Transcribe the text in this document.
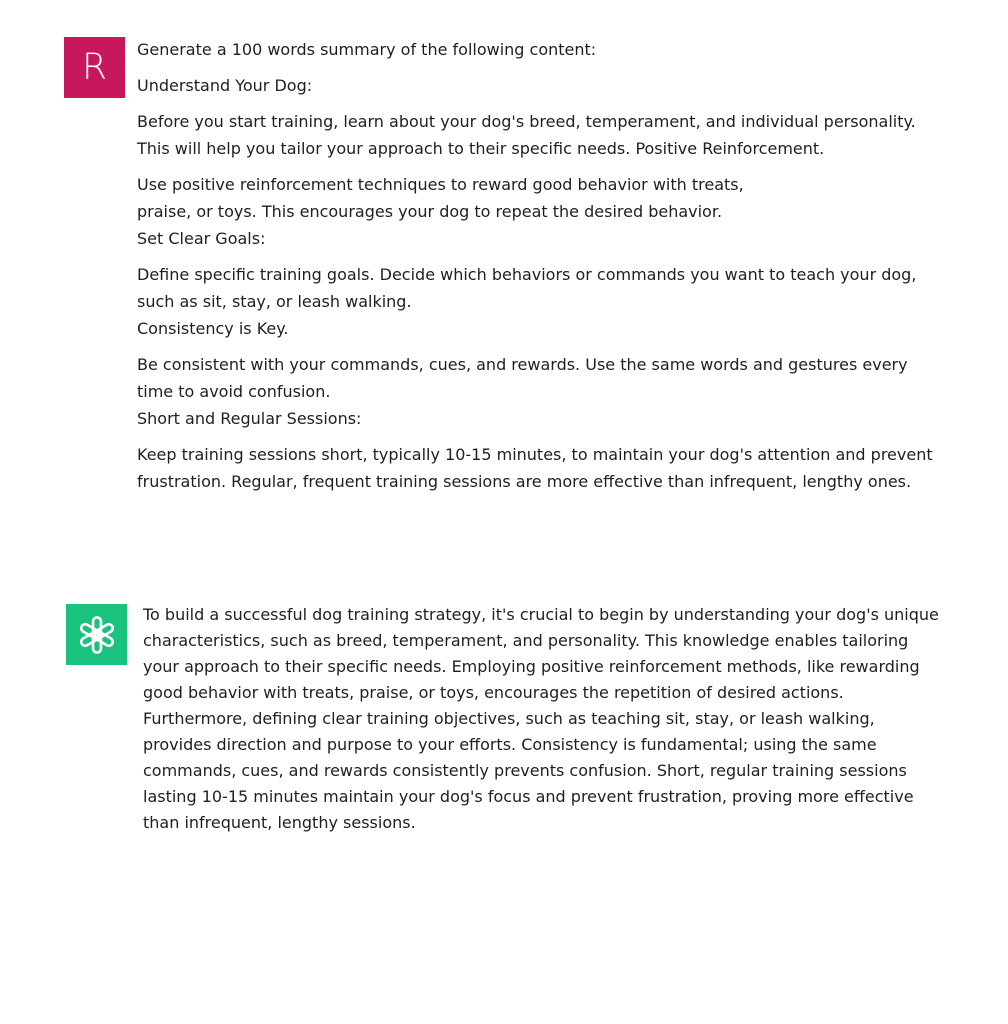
R	Generate a 100 words summary of the following content:

Understand Your Dog:

Before you start training, learn about your dog's breed, temperament, and individual personality. This will help you tailor your approach to their specific needs. Positive Reinforcement.

Use positive reinforcement techniques to reward good behavior with treats,

praise, or toys. This encourages your dog to repeat the desired behavior.

Set Clear Goals:

Define specific training goals. Decide which behaviors or commands you want to teach your dog, such as sit, stay, or leash walking.

Consistency is Key.

Be consistent with your commands, cues, and rewards. Use the same words and gestures every time to avoid confusion.

Short and Regular Sessions:

Keep training sessions short, typically 10-15 minutes, to maintain your dog's attention and prevent frustration. Regular, frequent training sessions are more effective than infrequent, lengthy ones.

To build a successful dog training strategy, it's crucial to begin by understanding your dog's unique characteristics, such as breed, temperament, and personality. This knowledge enables tailoring your approach to their specific needs. Employing positive reinforcement methods, like rewarding good behavior with treats, praise, or toys, encourages the repetition of desired actions. Furthermore, defining clear training objectives, such as teaching sit, stay, or leash walking, provides direction and purpose to your efforts. Consistency is fundamental; using the same commands, cues, and rewards consistently prevents confusion. Short, regular training sessions lasting 10-15 minutes maintain your dog's focus and prevent frustration, proving more effective than infrequent, lengthy sessions.
